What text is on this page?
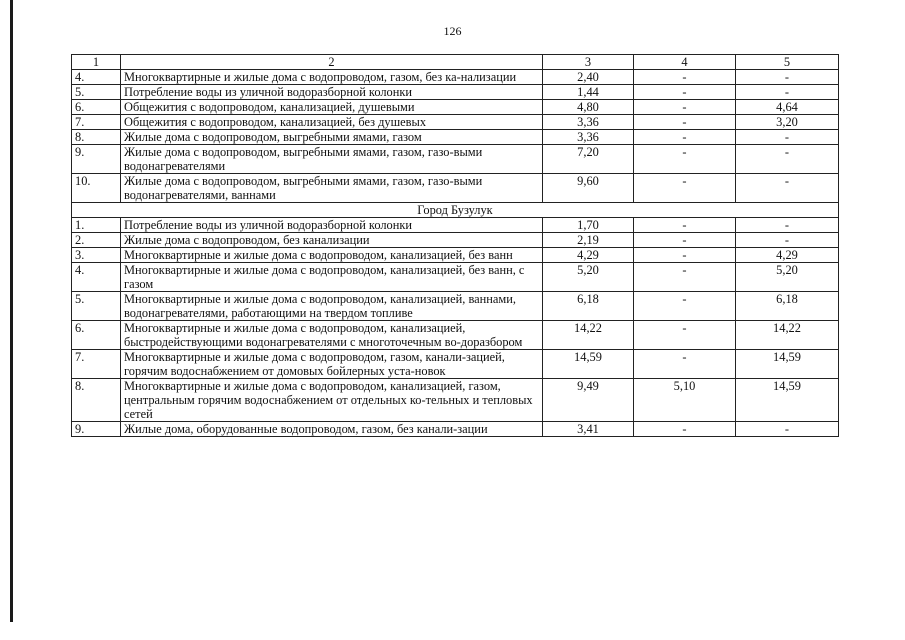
126
1	2	3	4	5
4.	Многоквартирные и жилые дома с водопроводом, газом, без ка-нализации	2,40	-	-
5.	Потребление воды из уличной водоразборной колонки	1,44	-	-
6.	Общежития с водопроводом, канализацией, душевыми	4,80	-	4,64
7.	Общежития с водопроводом, канализацией, без душевых	3,36	-	3,20
8.	Жилые дома с водопроводом, выгребными ямами, газом	3,36	-	-
9.	Жилые дома с водопроводом, выгребными ямами, газом, газо-выми водонагревателями	7,20	-	-
10.	Жилые дома с водопроводом, выгребными ямами, газом, газо-выми водонагревателями, ваннами	9,60	-	-
Город Бузулук				
1.	Потребление воды из уличной водоразборной колонки	1,70	-	-
2.	Жилые дома с водопроводом, без канализации	2,19	-	-
3.	Многоквартирные и жилые дома с водопроводом, канализацией, без ванн	4,29	-	4,29
4.	Многоквартирные и жилые дома с водопроводом, канализацией, без ванн, с газом	5,20	-	5,20
5.	Многоквартирные и жилые дома с водопроводом, канализацией, ваннами, водонагревателями, работающими на твердом топливе	6,18	-	6,18
6.	Многоквартирные и жилые дома с водопроводом, канализацией, быстродействующими водонагревателями с многоточечным во-доразбором	14,22	-	14,22
7.	Многоквартирные и жилые дома с водопроводом, газом, канали-зацией, горячим водоснабжением от домовых бойлерных уста-новок	14,59	-	14,59
8.	Многоквартирные и жилые дома с водопроводом, канализацией, газом, центральным горячим водоснабжением от отдельных ко-тельных и тепловых сетей	9,49	5,10	14,59
9.	Жилые дома, оборудованные водопроводом, газом, без канали-зации	3,41	-	-
